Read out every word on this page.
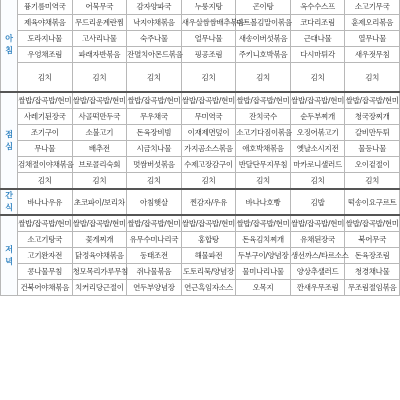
아
침	퓽기름미역국	어묵무국	감자양파국	누룽지탕	곤이탕	옥수수스프	소고기무국
	제육야채볶음	무드리운계란찜	낙지야채볶음	새우살쌈쌈배추볶음	미트볼김말이볶음	코다리조림	훈제오리볶음
	도라지나물	고사리나물	숙주나물	얼무나물	새송이버섯볶음	근대나물	열무나물
	우엉채조림	파래자반볶음	잔멸치아몬드볶음	핑공조림	주키니호박볶음	다시마튀각	새우젓무침
	김치	김치	김치	김치	김치	김치	김치

점
심	쌀밥/잡곡밥/현미	쌀밥/잡곡밥/현미	쌀밥/잡곡밥/현미	쌀밥/잡곡밥/현미	쌀밥/잡곡밥/현미	쌀밥/잡곡밥/현미	쌀밥/잡곡밥/현미
	사레기된장국	사골떡만두국	무우채국	무미역국	잔치국수	순두부찌개	청국장찌개
	조기구이	소불고기	돈육장비빔	이재제면덮이	소고기다짐이볶음	오징어볶고기	갈비만두튀
	무나물	배추전	시금치나물	가지곰소스볶음	애호박채볶음	옛날소시지전	물등나물
	검채절이야채볶음	브로콜리숙회	멋쌈버섯볶음	수제고장감구이	반달단무지무침	마카로니샐러드	오이겉절이
	김치	김치	김치	김치	김치	김치	김치

간
식	바나나우유	초코파이/보리차	아침햇살	찐감자/우유	바나나호빵	김밥	떡송이요구르트

저
녁	쌀밥/잡곡밥/현미	쌀밥/잡곡밥/현미	쌀밥/잡곡밥/현미	쌀밥/잡곡밥/현미	쌀밥/잡곡밥/현미	쌀밥/잡곡밥/현미	쌀밥/잡곡밥/현미
	소고기탕국	꽃게찌개	유무수미나리국	홍합탕	돈육김치찌개	유채된장국	북어무국
	고기완자전	닭정육야채볶음	동태조전	해물파전	두부구이/양념장	생선까스/타르소스	돈육장조림
	콩나물무침	청모목리가루무침	쥐나물볶음	도토리묵/양념장	물미나리나물	양상추샐러드	청경채나물
	건북어야채볶음	치커리당근절이	연두부양념장	연근흑임자소스	오목지	깐새우무조림	무조림절임볶음
